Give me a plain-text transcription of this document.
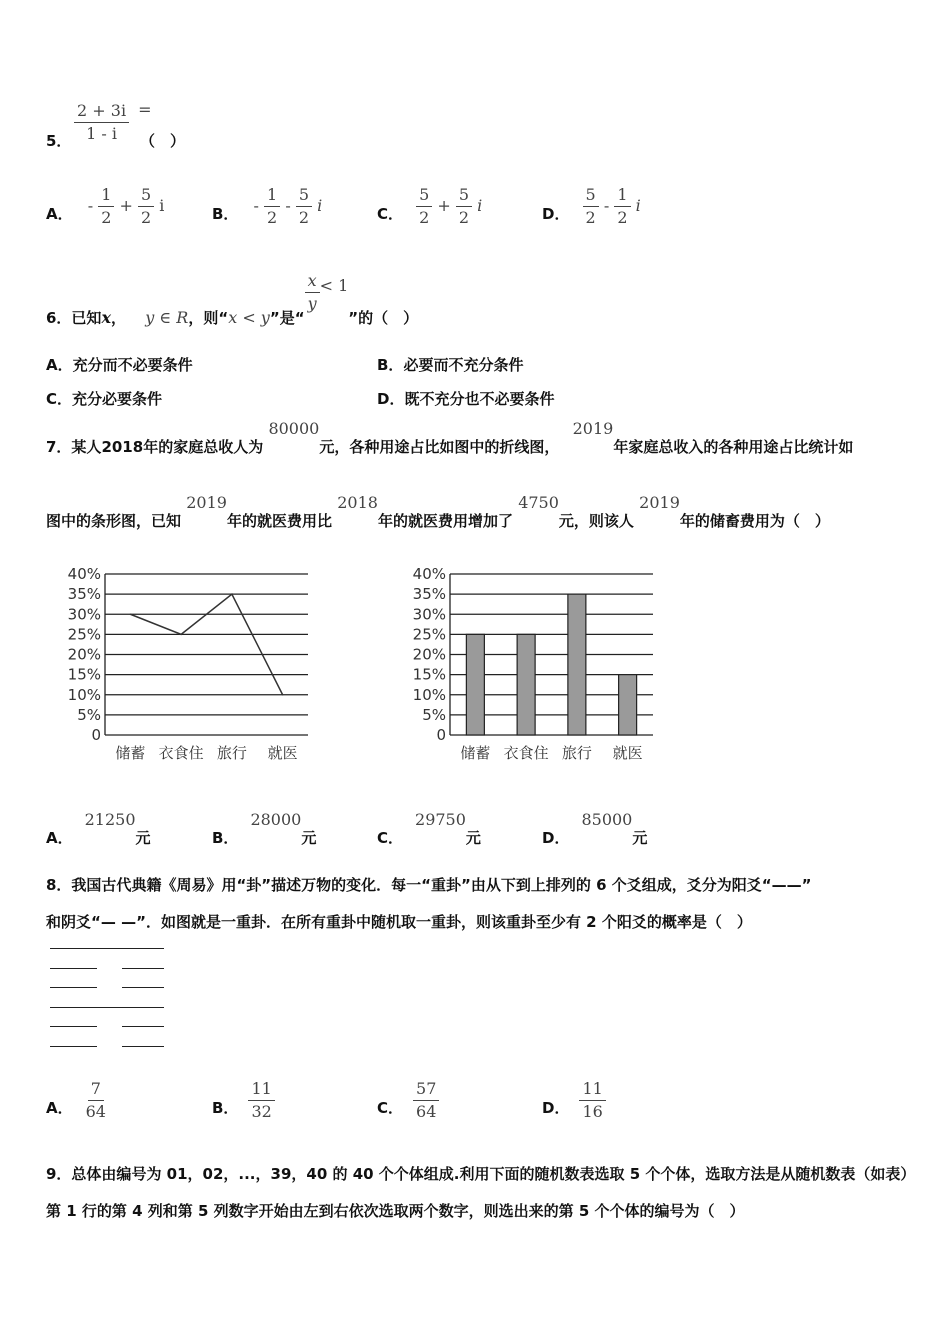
5． $\frac{2 + 3i}{1 - i}$ =
（　）
A． - $\frac{1}{2} + \frac{5}{2}$ i	B． - $\frac{1}{2} - \frac{5}{2}$ i	C． $\frac{5}{2} + \frac{5}{2}$ i	D． $\frac{5}{2} - \frac{1}{2}$ i
6．已知x， y ∈ R，则“x < y”是“
$\frac{x}{y} < 1$”的（　）
A．充分而不必要条件	B．必要而不充分条件
C．充分必要条件	D．既不充分也不必要条件
7．某人2018年的家庭总收人为 80000元，各种用途占比如图中的折线图， 2019年家庭总收入的各种用途占比统计如
图中的条形图，已知 2019年的就医费用比 2018年的就医费用增加了 4750元，则该人 2019年的储畜费用为（　）
0
5%
10%
15%
20%
25%
30%
35%
40%
储蓄 衣食住 旅行 就医
0
5%
10%
15%
20%
25%
30%
35%
40%
储蓄 衣食住 旅行 就医
A．21250元	B．28000元	C．29750元	D．85000元
8．我国古代典籍《周易》用“卦”描述万物的变化．每一“重卦”由从下到上排列的 6 个爻组成，爻分为阳爻“——”
和阴爻“— —”．如图就是一重卦．在所有重卦中随机取一重卦，则该重卦至少有 2 个阳爻的概率是（　）
A． $\frac{7}{64}$	B． $\frac{11}{32}$	C． $\frac{57}{64}$	D． $\frac{11}{16}$
9．总体由编号为 01，02，...，39，40 的 40 个个体组成.利用下面的随机数表选取 5 个个体，选取方法是从随机数表（如表）
第 1 行的第 4 列和第 5 列数字开始由左到右依次选取两个数字，则选出来的第 5 个个体的编号为（　）
